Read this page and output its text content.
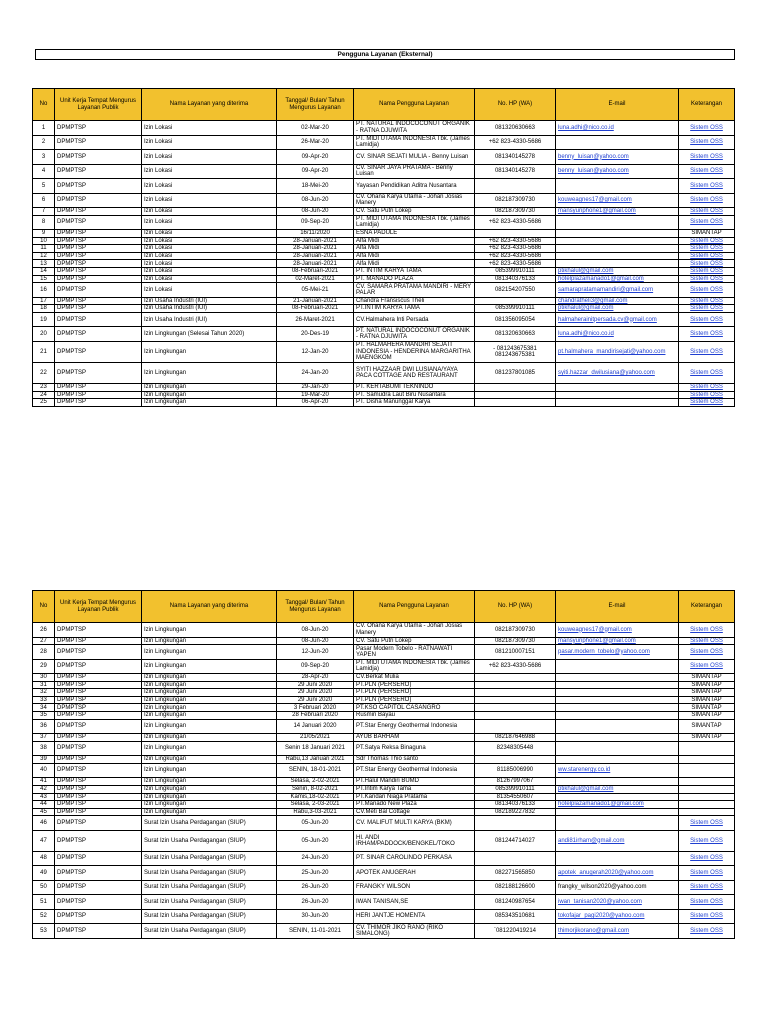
Pengguna Layanan (Eksternal)
No	Unit Kerja Tempat Mengurus Layanan Publik	Nama Layanan yang diterima	Tanggal/ Bulan/ Tahun Mengurus Layanan	Nama Pengguna Layanan	No. HP (WA)	E-mail	Keterangan
1	DPMPTSP	Izin Lokasi	02-Mar-20	PT. NATURAL INDOCOCONUT ORGANIK - RATNA DJUWITA	081320630663	luna.adhi@nico.co.id	Sistem OSS
2	DPMPTSP	Izin Lokasi	26-Mar-20	PT. MIDI UTAMA INDONESIA Tbk. (James Lamidja)	+62 823-4330-5686		Sistem OSS
3	DPMPTSP	Izin Lokasi	09-Apr-20	CV. SINAR SEJATI MULIA - Benny Luisan	081340145278	benny_luisan@yahoo.com	Sistem OSS
4	DPMPTSP	Izin Lokasi	09-Apr-20	CV. SINAR JAYA PRATAMA - Benny Luisan	081340145278	benny_luisan@yahoo.com	Sistem OSS
5	DPMPTSP	Izin Lokasi	18-Mei-20	Yayasan Pendidikan Aditra Nusantara			Sistem OSS
6	DPMPTSP	Izin Lokasi	08-Jun-20	CV. Ohana Karya Utama - Johan Josias Manery	082187309730	kouweagnes17@gmail.com	Sistem OSS
7	DPMPTSP	Izin Lokasi	08-Jun-20	CV. Satu Putri Lokep	082187309730	mansyuriphone1@gmail.com	Sistem OSS
8	DPMPTSP	Izin Lokasi	09-Sep-20	PT. MIDI UTAMA INDONESIA Tbk. (James Lamidja)	+62 823-4330-5686		Sistem OSS
9	DPMPTSP	Izin Lokasi	16/11/2020	ESNA PADULE			SIMANTAP
10	DPMPTSP	Izin Lokasi	28-Januari-2021	Alfa Midi	+62 823-4330-5686		Sistem OSS
11	DPMPTSP	Izin Lokasi	28-Januari-2021	Alfa Midi	+62 823-4330-5686		Sistem OSS
12	DPMPTSP	Izin Lokasi	28-Januari-2021	Alfa Midi	+62 823-4330-5686		Sistem OSS
13	DPMPTSP	Izin Lokasi	28-Januari-2021	Alfa Midi	+62 823-4330-5686		Sistem OSS
14	DPMPTSP	Izin Lokasi	08-Februari-2021	PT. INTIM KARYA TAMA	085399910111	ptikhalul@gmail.com	Sistem OSS
15	DPMPTSP	Izin Lokasi	02-Maret-2021	PT. MANADO PLAZA	081340376133	hotelplazamanado1@gmail.com	Sistem OSS
16	DPMPTSP	Izin Lokasi	05-Mei-21	CV. SAMARA PRATAMA MANDIRI - MERY PALAR	082154207550	samarapratamamandiri@gmail.com	Sistem OSS
17	DPMPTSP	Izin Usaha Industri (IUI)	21-Januari-2021	Chandra Fransiscus Theli		chandratheli3@gmail.com	Sistem OSS
18	DPMPTSP	Izin Usaha Industri (IUI)	08-Februari-2021	PT.INTIM KARYA TAMA	085399910111	ptikhalul@gmail.com	Sistem OSS
19	DPMPTSP	Izin Usaha Industri (IUI)	26-Maret-2021	CV.Halmahera Inti Persada	081356095054	halmaherainitpersada.cv@gmail.com	Sistem OSS
20	DPMPTSP	Izin Lingkungan (Selesai Tahun 2020)	20-Des-19	PT. NATURAL INDOCOCONUT ORGANIK - RATNA DJUWITA	081320630663	luna.adhi@nico.co.id	Sistem OSS
21	DPMPTSP	Izin Lingkungan	12-Jan-20	PT. HALMAHERA MANDIRI SEJATI INDONESIA - HENDERINA MARGARITHA MAENGKOM	- 081243675381 081243675381	pt.halmahera_mandirisejati@yahoo.com	Sistem OSS
22	DPMPTSP	Izin Lingkungan	24-Jan-20	SYITI HAZZAAR DWI LUSIANA/YAYA PACA COTTAGE AND RESTAURANT	081237801085	syiti.hazzar_dwilusiana@yahoo.com	Sistem OSS
23	DPMPTSP	Izin Lingkungan	29-Jan-20	PT. KERTABUMI TEKNINDO			Sistem OSS
24	DPMPTSP	Izin Lingkungan	19-Mar-20	PT. Samudra Laut Biru Nusantara			Sistem OSS
25	DPMPTSP	Izin Lingkungan	06-Apr-20	PT. Disha Manunggal Karya			Sistem OSS
No	Unit Kerja Tempat Mengurus Layanan Publik	Nama Layanan yang diterima	Tanggal/ Bulan/ Tahun Mengurus Layanan	Nama Pengguna Layanan	No. HP (WA)	E-mail	Keterangan
26	DPMPTSP	Izin Lingkungan	08-Jun-20	CV. Ohana Karya Utama - Johan Josias Manery	082187309730	kouweagnes17@gmail.com	Sistem OSS
27	DPMPTSP	Izin Lingkungan	08-Jun-20	CV. Satu Putri Lokep	082187309730	mansyuriphone1@gmail.com	Sistem OSS
28	DPMPTSP	Izin Lingkungan	12-Jun-20	Pasar Modern Tobelo - RATNAWATI YAPEN	081210007151	pasar.modern_tobelo@yahoo.com	Sistem OSS
29	DPMPTSP	Izin Lingkungan	09-Sep-20	PT. MIDI UTAMA INDONESIA Tbk. (James Lamidja)	+62 823-4330-5686		Sistem OSS
30	DPMPTSP	Izin Lingkungan	28-Apr-20	CV.Berkat Mulia			SIMANTAP
31	DPMPTSP	Izin Lingkungan	29 Juni 2020	PT.PLN (PERSERO)			SIMANTAP
32	DPMPTSP	Izin Lingkungan	29 Juni 2020	PT.PLN (PERSERO)			SIMANTAP
33	DPMPTSP	Izin Lingkungan	29 Juni 2020	PT.PLN (PERSERO)			SIMANTAP
34	DPMPTSP	Izin Lingkungan	3 Februari 2020	PT.KSO CAPITOL CASANGRO			SIMANTAP
35	DPMPTSP	Izin Lingkungan	28 Februari 2020	Rusmin Bayau			SIMANTAP
36	DPMPTSP	Izin Lingkungan	14 Januari 2020	PT.Star Energy Geothermal Indonesia			SIMANTAP
37	DPMPTSP	Izin Lingkungan	21/05/2021	AYUB BARHAM	082187646988		SIMANTAP
38	DPMPTSP	Izin Lingkungan	Senin 18 Januari 2021	PT.Satya Reksa Binaguna	82348305448		
39	DPMPTSP	Izin Lingkungan	Rabu,13 Januari 2021	Sdr Thomas Thio santo			
40	DPMPTSP	Izin Lingkungan	SENIN, 18-01-2021	PT.Star Energy Geothermal Indonesia	81185006990	ww.starenergy.co.id	
41	DPMPTSP	Izin Lingkungan	Selasa, 2-02-2021	PT.Halul Mandiri BUMD	81267997067		
42	DPMPTSP	Izin Lingkungan	Senin, 8-02-2021	PT.Intim Karya Tama	085399910111	ptikhalul@gmail.com	
43	DPMPTSP	Izin Lingkungan	Kamis,18-02-2021	PT.Kandari Niaga Pratama	81354550607		
44	DPMPTSP	Izin Lingkungan	Selasa, 2-03-2021	PT.Manado New Plaza	081340376133	hotelplazamanado1@gmail.com	
45	DPMPTSP	Izin Lingkungan	Rabu,3-03-2021	CV.Meti Bal Cottage	082189227832		
46	DPMPTSP	Surat Izin Usaha Perdagangan (SIUP)	05-Jun-20	CV. MALIFUT MULTI KARYA (BKM)			Sistem OSS
47	DPMPTSP	Surat Izin Usaha Perdagangan (SIUP)	05-Jun-20	HI. ANDI IRHAM/PADDOCK/BENGKEL/TOKO	081244714027	andi81irham@gmail.com	Sistem OSS
48	DPMPTSP	Surat Izin Usaha Perdagangan (SIUP)	24-Jun-20	PT. SINAR CAROLINDO PERKASA			Sistem OSS
49	DPMPTSP	Surat Izin Usaha Perdagangan (SIUP)	25-Jun-20	APOTEK ANUGERAH	082271565850	apotek_anugerah2020@yahoo.com	Sistem OSS
50	DPMPTSP	Surat Izin Usaha Perdagangan (SIUP)	26-Jun-20	FRANGKY WILSON	082188126600	frangky_wilson2020@yahoo.com	Sistem OSS
51	DPMPTSP	Surat Izin Usaha Perdagangan (SIUP)	26-Jun-20	IWAN TANISAN,SE	081240987654	iwan_tanisan2020@yahoo.com	Sistem OSS
52	DPMPTSP	Surat Izin Usaha Perdagangan (SIUP)	30-Jun-20	HERI JANTJE HOMENTA	085343510681	tokofajar_pagi2020@yahoo.com	Sistem OSS
53	DPMPTSP	Surat Izin Usaha Perdagangan (SIUP)	SENIN, 11-01-2021	CV. THIMOR JIKO RANO (RIKO SIMALONG)	`081220419214	thimorjikorano@gmail.com	Sistem OSS
